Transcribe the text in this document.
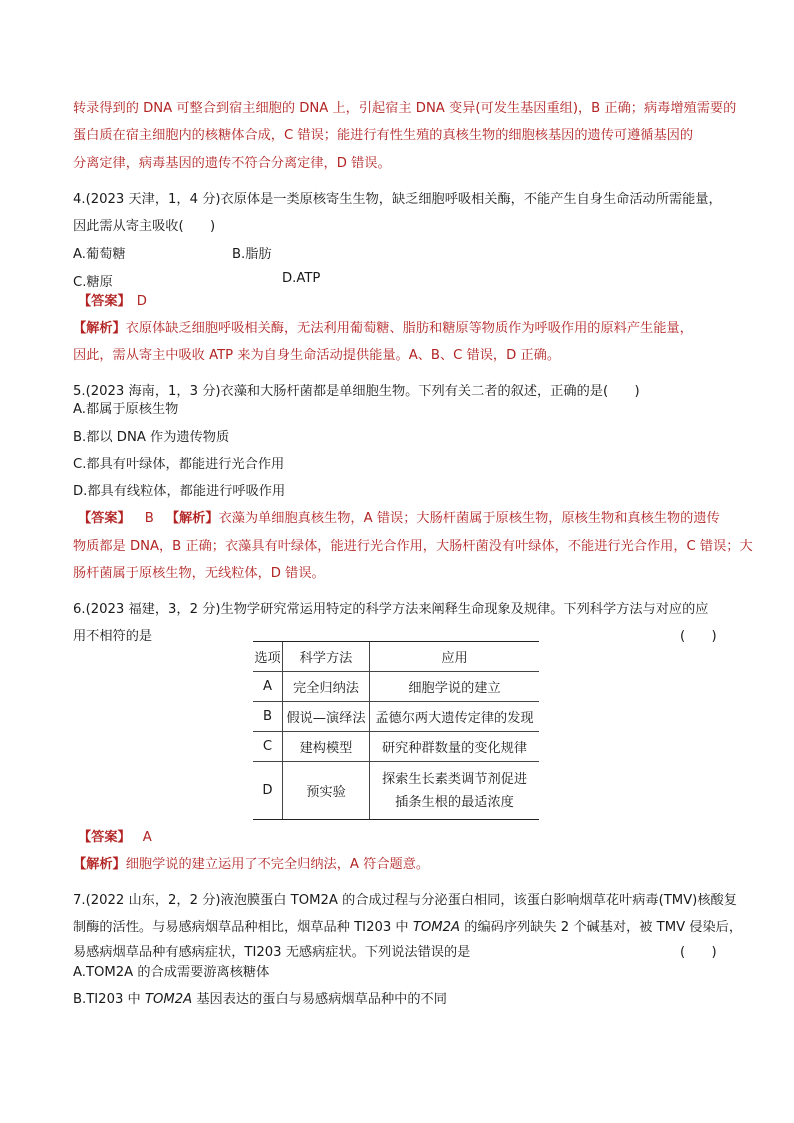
转录得到的 DNA 可整合到宿主细胞的 DNA 上，引起宿主 DNA 变异(可发生基因重组)，B 正确；病毒增殖需要的
蛋白质在宿主细胞内的核糖体合成，C 错误；能进行有性生殖的真核生物的细胞核基因的遗传可遵循基因的
分离定律，病毒基因的遗传不符合分离定律，D 错误。
4.(2023 天津，1，4 分)衣原体是一类原核寄生生物，缺乏细胞呼吸相关酶，不能产生自身生命活动所需能量，
因此需从寄主吸收(　　)
A.葡萄糖	B.脂肪
C.糖原	D.ATP
【答案】 D
【解析】衣原体缺乏细胞呼吸相关酶，无法利用葡萄糖、脂肪和糖原等物质作为呼吸作用的原料产生能量，
因此，需从寄主中吸收 ATP 来为自身生命活动提供能量。A、B、C 错误，D 正确。
5.(2023 海南，1，3 分)衣藻和大肠杆菌都是单细胞生物。下列有关二者的叙述，正确的是(　　)
A.都属于原核生物
B.都以 DNA 作为遗传物质
C.都具有叶绿体，都能进行光合作用
D.都具有线粒体，都能进行呼吸作用
【答案】 B 【解析】衣藻为单细胞真核生物，A 错误；大肠杆菌属于原核生物，原核生物和真核生物的遗传
物质都是 DNA，B 正确；衣藻具有叶绿体，能进行光合作用，大肠杆菌没有叶绿体，不能进行光合作用，C 错误；大
肠杆菌属于原核生物，无线粒体，D 错误。
6.(2023 福建，3，2 分)生物学研究常运用特定的科学方法来阐释生命现象及规律。下列科学方法与对应的应
用不相符的是	(　　)
选项	科学方法	应用
A	完全归纳法	细胞学说的建立
B	假说—演绎法	孟德尔两大遗传定律的发现
C	建构模型	研究种群数量的变化规律
D	预实验	探索生长素类调节剂促进
插条生根的最适浓度
【答案】 A
【解析】细胞学说的建立运用了不完全归纳法，A 符合题意。
7.(2022 山东，2，2 分)液泡膜蛋白 TOM2A 的合成过程与分泌蛋白相同，该蛋白影响烟草花叶病毒(TMV)核酸复
制酶的活性。与易感病烟草品种相比，烟草品种 TI203 中 TOM2A 的编码序列缺失 2 个碱基对，被 TMV 侵染后，
易感病烟草品种有感病症状，TI203 无感病症状。下列说法错误的是	(　　)
A.TOM2A 的合成需要游离核糖体
B.TI203 中 TOM2A 基因表达的蛋白与易感病烟草品种中的不同
